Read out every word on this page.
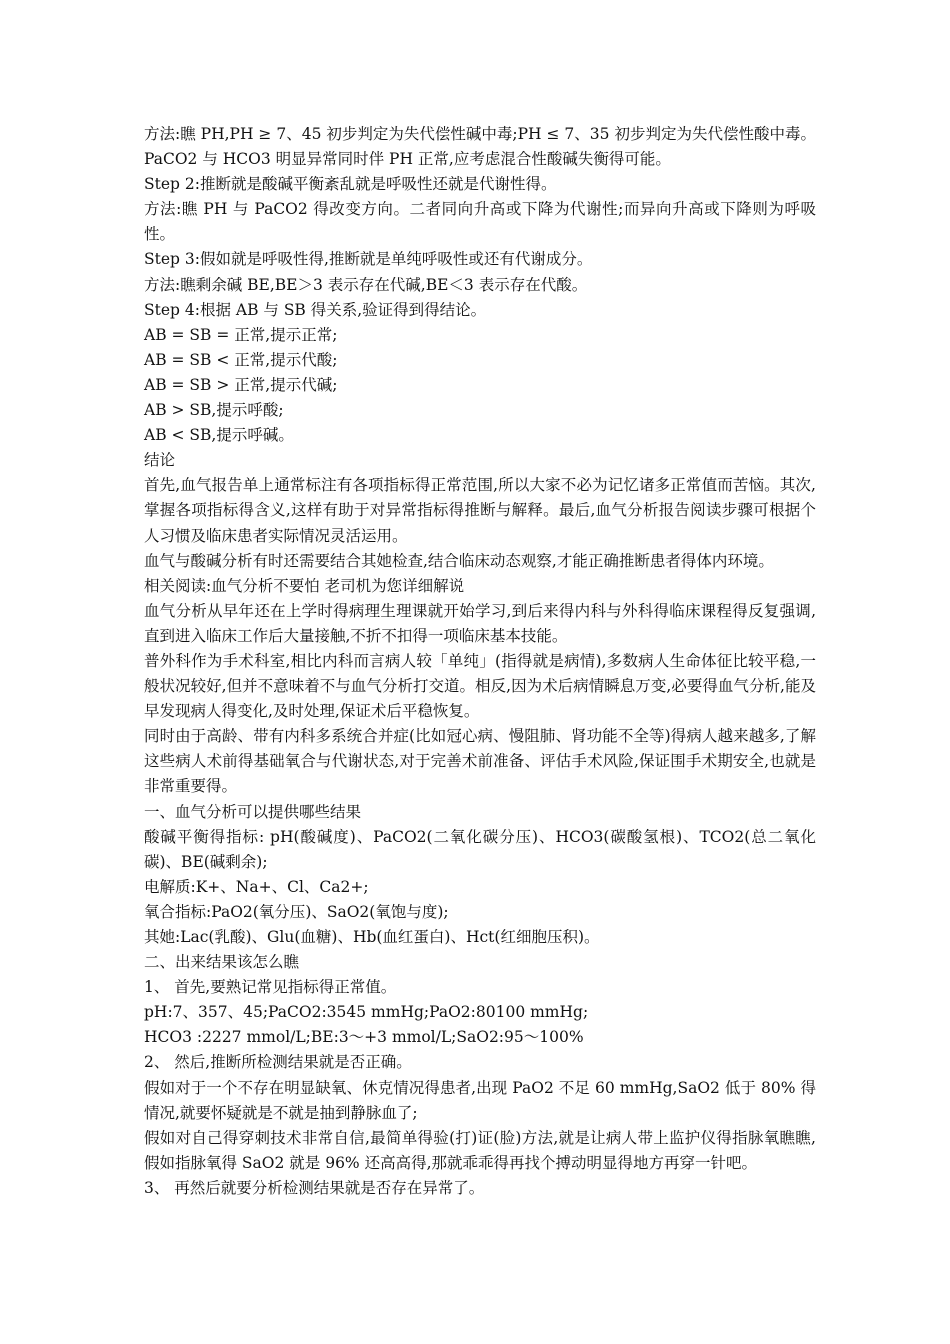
方法:瞧 PH,PH ≥ 7、45 初步判定为失代偿性碱中毒;PH ≤ 7、35 初步判定为失代偿性酸中毒。PaCO2 与 HCO3 明显异常同时伴 PH 正常,应考虑混合性酸碱失衡得可能。

Step 2:推断就是酸碱平衡紊乱就是呼吸性还就是代谢性得。

方法:瞧 PH 与 PaCO2 得改变方向。二者同向升高或下降为代谢性;而异向升高或下降则为呼吸性。

Step 3:假如就是呼吸性得,推断就是单纯呼吸性或还有代谢成分。

方法:瞧剩余碱 BE,BE＞3 表示存在代碱,BE＜3 表示存在代酸。

Step 4:根据 AB 与 SB 得关系,验证得到得结论。

AB = SB = 正常,提示正常;

AB = SB < 正常,提示代酸;

AB = SB > 正常,提示代碱;

AB > SB,提示呼酸;

AB < SB,提示呼碱。

结论

首先,血气报告单上通常标注有各项指标得正常范围,所以大家不必为记忆诸多正常值而苦恼。其次,掌握各项指标得含义,这样有助于对异常指标得推断与解释。最后,血气分析报告阅读步骤可根据个人习惯及临床患者实际情况灵活运用。

血气与酸碱分析有时还需要结合其她检查,结合临床动态观察,才能正确推断患者得体内环境。

相关阅读:血气分析不要怕 老司机为您详细解说

血气分析从早年还在上学时得病理生理课就开始学习,到后来得内科与外科得临床课程得反复强调,直到进入临床工作后大量接触,不折不扣得一项临床基本技能。

普外科作为手术科室,相比内科而言病人较「单纯」(指得就是病情),多数病人生命体征比较平稳,一般状况较好,但并不意味着不与血气分析打交道。相反,因为术后病情瞬息万变,必要得血气分析,能及早发现病人得变化,及时处理,保证术后平稳恢复。

同时由于高龄、带有内科多系统合并症(比如冠心病、慢阻肺、肾功能不全等)得病人越来越多,了解这些病人术前得基础氧合与代谢状态,对于完善术前准备、评估手术风险,保证围手术期安全,也就是非常重要得。

一、血气分析可以提供哪些结果

酸碱平衡得指标: pH(酸碱度)、PaCO2(二氧化碳分压)、HCO3(碳酸氢根)、TCO2(总二氧化碳)、BE(碱剩余);

电解质:K+、Na+、Cl、Ca2+;

氧合指标:PaO2(氧分压)、SaO2(氧饱与度);

其她:Lac(乳酸)、Glu(血糖)、Hb(血红蛋白)、Hct(红细胞压积)。

二、出来结果该怎么瞧

1、 首先,要熟记常见指标得正常值。

pH:7、357、45;PaCO2:3545 mmHg;PaO2:80100 mmHg;

HCO3 :2227 mmol/L;BE:3～+3 mmol/L;SaO2:95～100%

2、 然后,推断所检测结果就是否正确。

假如对于一个不存在明显缺氧、休克情况得患者,出现 PaO2 不足 60 mmHg,SaO2 低于 80% 得情况,就要怀疑就是不就是抽到静脉血了;

假如对自己得穿刺技术非常自信,最简单得验(打)证(脸)方法,就是让病人带上监护仪得指脉氧瞧瞧,假如指脉氧得 SaO2 就是 96% 还高高得,那就乖乖得再找个搏动明显得地方再穿一针吧。

3、 再然后就要分析检测结果就是否存在异常了。
